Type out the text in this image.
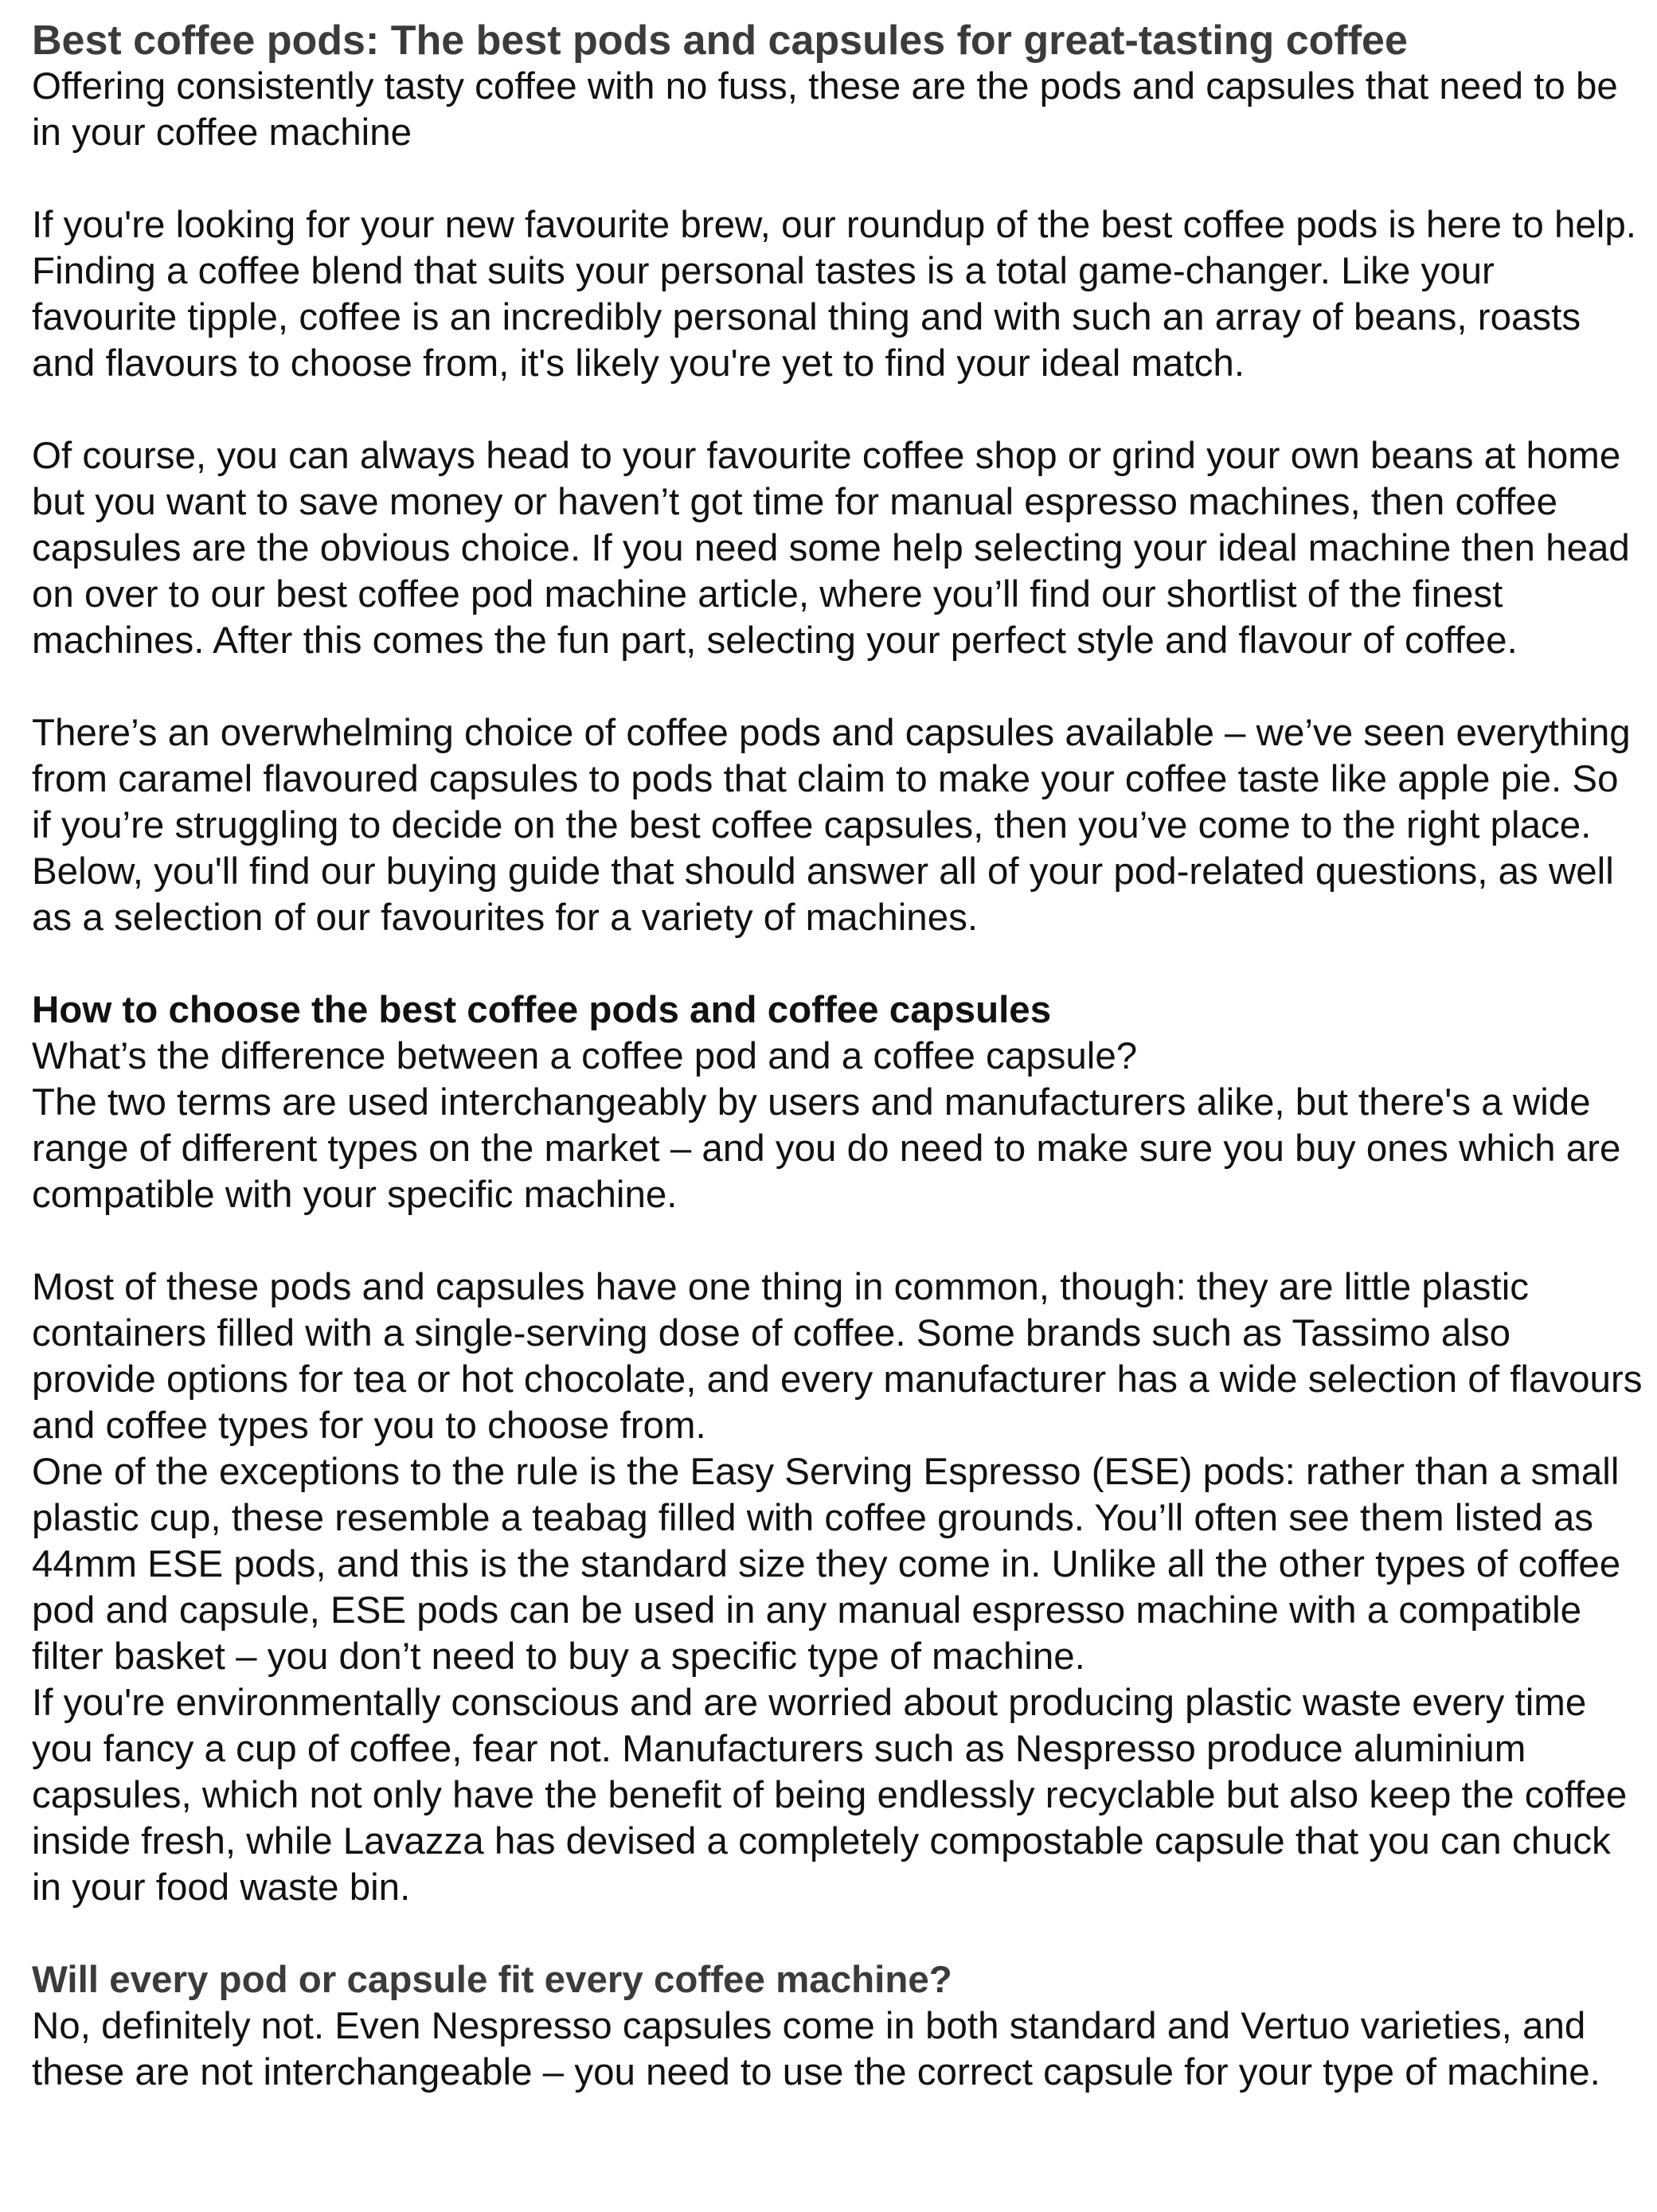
Best coffee pods: The best pods and capsules for great-tasting coffee

Offering consistently tasty coffee with no fuss, these are the pods and capsules that need to be in your coffee machine

If you're looking for your new favourite brew, our roundup of the best coffee pods is here to help. Finding a coffee blend that suits your personal tastes is a total game-changer. Like your favourite tipple, coffee is an incredibly personal thing and with such an array of beans, roasts and flavours to choose from, it's likely you're yet to find your ideal match.

Of course, you can always head to your favourite coffee shop or grind your own beans at home but you want to save money or haven’t got time for manual espresso machines, then coffee capsules are the obvious choice. If you need some help selecting your ideal machine then head on over to our best coffee pod machine article, where you’ll find our shortlist of the finest machines. After this comes the fun part, selecting your perfect style and flavour of coffee.

There’s an overwhelming choice of coffee pods and capsules available – we’ve seen everything from caramel flavoured capsules to pods that claim to make your coffee taste like apple pie. So if you’re struggling to decide on the best coffee capsules, then you’ve come to the right place. Below, you'll find our buying guide that should answer all of your pod-related questions, as well as a selection of our favourites for a variety of machines.

How to choose the best coffee pods and coffee capsules

What’s the difference between a coffee pod and a coffee capsule?

The two terms are used interchangeably by users and manufacturers alike, but there's a wide range of different types on the market – and you do need to make sure you buy ones which are compatible with your specific machine.

Most of these pods and capsules have one thing in common, though: they are little plastic containers filled with a single-serving dose of coffee. Some brands such as Tassimo also provide options for tea or hot chocolate, and every manufacturer has a wide selection of flavours and coffee types for you to choose from.

One of the exceptions to the rule is the Easy Serving Espresso (ESE) pods: rather than a small plastic cup, these resemble a teabag filled with coffee grounds. You’ll often see them listed as 44mm ESE pods, and this is the standard size they come in. Unlike all the other types of coffee pod and capsule, ESE pods can be used in any manual espresso machine with a compatible filter basket – you don’t need to buy a specific type of machine.

If you're environmentally conscious and are worried about producing plastic waste every time you fancy a cup of coffee, fear not. Manufacturers such as Nespresso produce aluminium capsules, which not only have the benefit of being endlessly recyclable but also keep the coffee inside fresh, while Lavazza has devised a completely compostable capsule that you can chuck in your food waste bin.

Will every pod or capsule fit every coffee machine?

No, definitely not. Even Nespresso capsules come in both standard and Vertuo varieties, and these are not interchangeable – you need to use the correct capsule for your type of machine.
